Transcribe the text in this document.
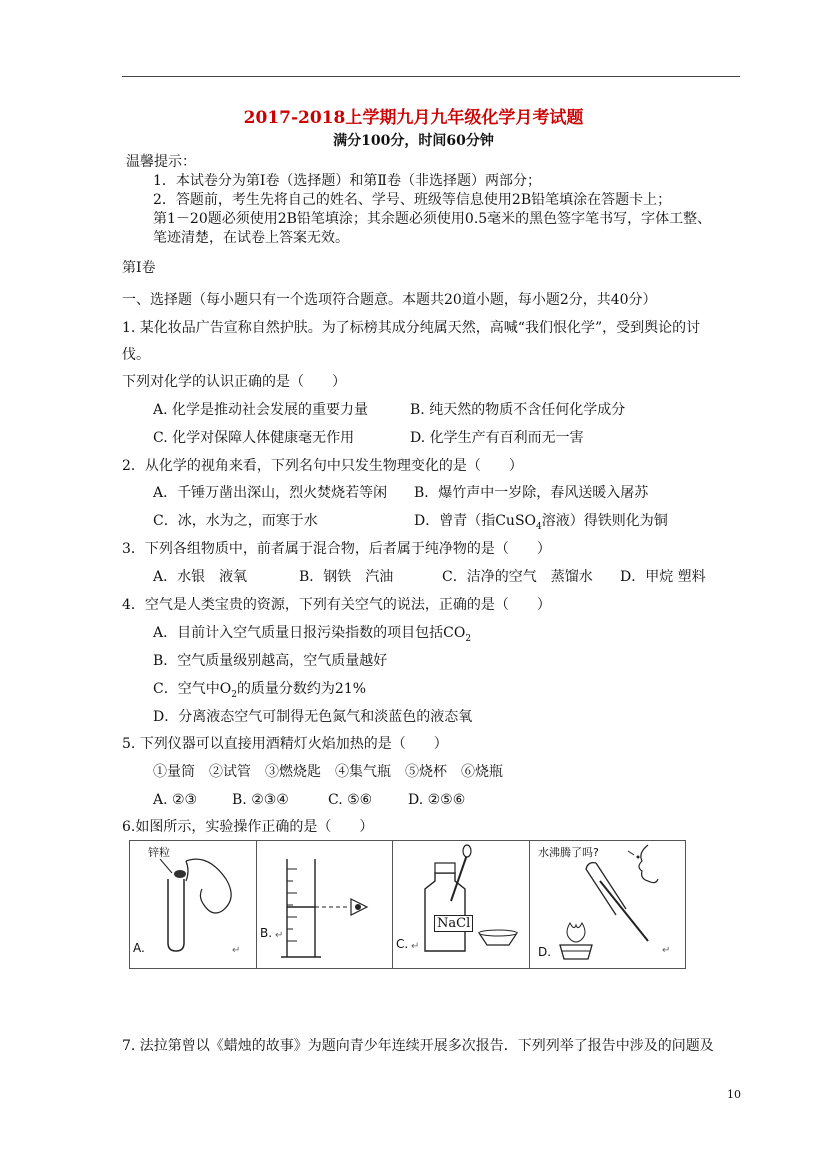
2017-2018上学期九月九年级化学月考试题
满分100分，时间60分钟
温馨提示：
1．本试卷分为第Ⅰ卷（选择题）和第Ⅱ卷（非选择题）两部分；
2．答题前，考生先将自己的姓名、学号、班级等信息使用2B铅笔填涂在答题卡上；
第1－20题必须使用2B铅笔填涂；其余题必须使用0.5毫米的黑色签字笔书写，字体工整、
笔迹清楚，在试卷上答案无效。
第Ⅰ卷
一、选择题（每小题只有一个选项符合题意。本题共20道小题，每小题2分，共40分）
1. 某化妆品广告宣称自然护肤。为了标榜其成分纯属天然，高喊“我们恨化学”，受到舆论的讨
伐。
下列对化学的认识正确的是（　　）
A. 化学是推动社会发展的重要力量	B. 纯天然的物质不含任何化学成分
C. 化学对保障人体健康毫无作用	D. 化学生产有百利而无一害
2．从化学的视角来看，下列名句中只发生物理变化的是（　　）
A．千锤万凿出深山，烈火焚烧若等闲 B．爆竹声中一岁除，春风送暖入屠苏
C．冰，水为之，而寒于水	D．曾青（指CuSO$_4$溶液）得铁则化为铜
3．下列各组物质中，前者属于混合物，后者属于纯净物的是（　　）
A．水银　液氧	B．钢铁　汽油	C．洁净的空气　蒸馏水 D．甲烷 塑料
4．空气是人类宝贵的资源，下列有关空气的说法，正确的是（　　）
A．目前计入空气质量日报污染指数的项目包括$CO_2$
B．空气质量级别越高，空气质量越好
C．空气中$O_2$的质量分数约为21%
D．分离液态空气可制得无色氮气和淡蓝色的液态氧
5. 下列仪器可以直接用酒精灯火焰加热的是（　　）
①量筒　②试管　③燃烧匙　④集气瓶　⑤烧杯　⑥烧瓶
A. ②③ B. ②③④	C. ⑤⑥	D. ②⑤⑥
6.如图所示，实验操作正确的是（　　）
锌粒
A.	↵
B. ↵
NaCl
C. ↵
水沸腾了吗?
D.	↵
7. 法拉第曾以《蜡烛的故事》为题向青少年连续开展多次报告．下列列举了报告中涉及的问题及
10
